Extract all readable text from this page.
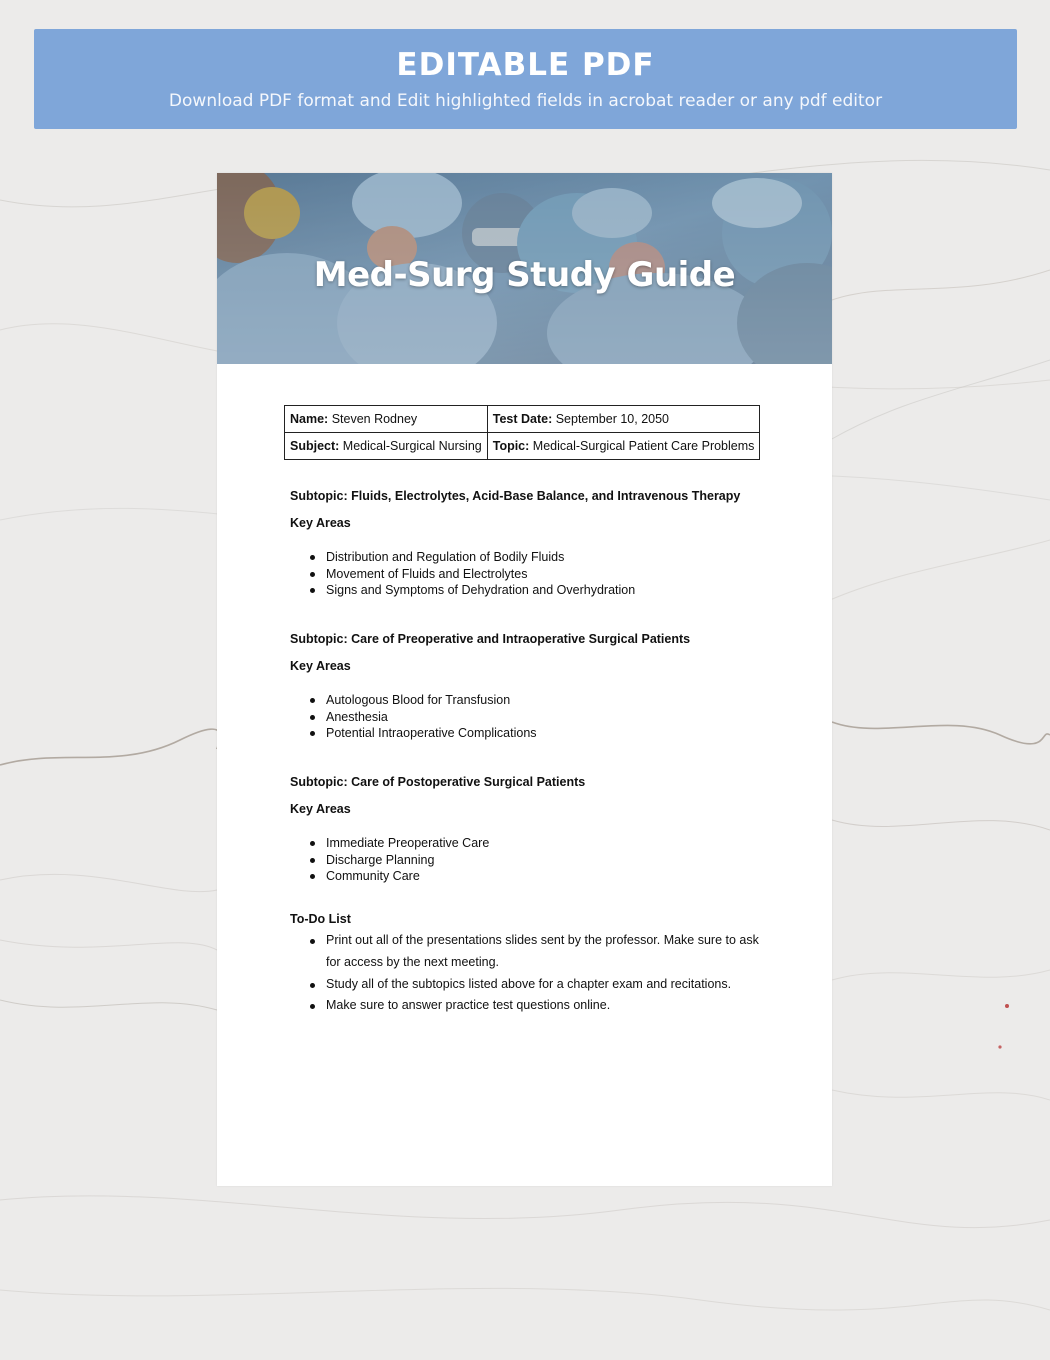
EDITABLE PDF
Download PDF format and Edit highlighted fields in acrobat reader or any pdf editor
Med-Surg Study Guide
Name: Steven Rodney	Test Date: September 10, 2050
Subject: Medical-Surgical Nursing	Topic: Medical-Surgical Patient Care Problems
Subtopic: Fluids, Electrolytes, Acid-Base Balance, and Intravenous Therapy
Key Areas
Distribution and Regulation of Bodily Fluids
Movement of Fluids and Electrolytes
Signs and Symptoms of Dehydration and Overhydration
Subtopic: Care of Preoperative and Intraoperative Surgical Patients
Key Areas
Autologous Blood for Transfusion
Anesthesia
Potential Intraoperative Complications
Subtopic: Care of Postoperative Surgical Patients
Key Areas
Immediate Preoperative Care
Discharge Planning
Community Care
To-Do List
Print out all of the presentations slides sent by the professor. Make sure to ask for access by the next meeting.
Study all of the subtopics listed above for a chapter exam and recitations.
Make sure to answer practice test questions online.
